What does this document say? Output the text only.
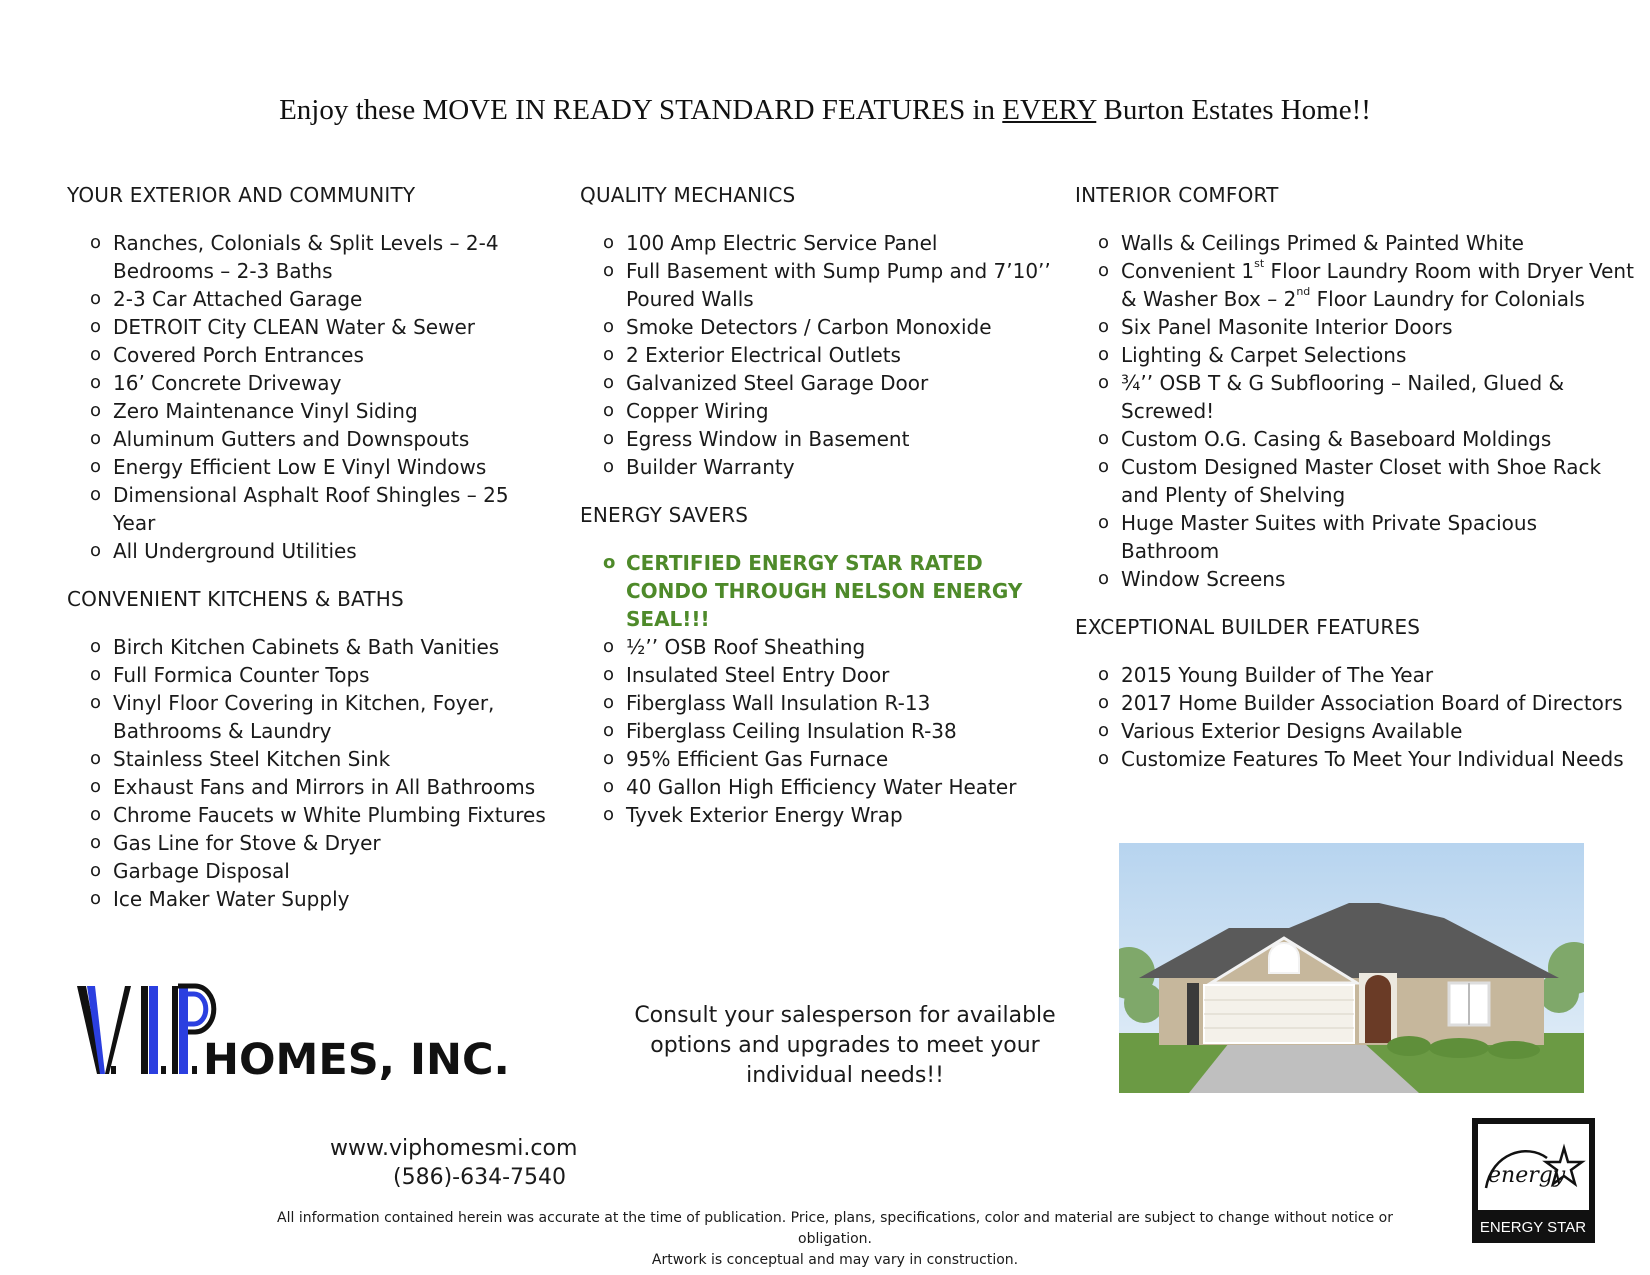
Enjoy these MOVE IN READY STANDARD FEATURES in EVERY Burton Estates Home!!
YOUR EXTERIOR AND COMMUNITY
o Ranches, Colonials & Split Levels – 2-4 Bedrooms – 2-3 Baths
o 2-3 Car Attached Garage
o DETROIT City CLEAN Water & Sewer
o Covered Porch Entrances
o 16’ Concrete Driveway
o Zero Maintenance Vinyl Siding
o Aluminum Gutters and Downspouts
o Energy Efficient Low E Vinyl Windows
o Dimensional Asphalt Roof Shingles – 25 Year
o All Underground Utilities
CONVENIENT KITCHENS & BATHS
o Birch Kitchen Cabinets & Bath Vanities
o Full Formica Counter Tops
o Vinyl Floor Covering in Kitchen, Foyer, Bathrooms & Laundry
o Stainless Steel Kitchen Sink
o Exhaust Fans and Mirrors in All Bathrooms
o Chrome Faucets w White Plumbing Fixtures
o Gas Line for Stove & Dryer
o Garbage Disposal
o Ice Maker Water Supply
QUALITY MECHANICS
o 100 Amp Electric Service Panel
o Full Basement with Sump Pump and 7’10’’ Poured Walls
o Smoke Detectors / Carbon Monoxide
o 2 Exterior Electrical Outlets
o Galvanized Steel Garage Door
o Copper Wiring
o Egress Window in Basement
o Builder Warranty
ENERGY SAVERS
o CERTIFIED ENERGY STAR RATED CONDO THROUGH NELSON ENERGY SEAL!!!
o ½’’ OSB Roof Sheathing
o Insulated Steel Entry Door
o Fiberglass Wall Insulation R-13
o Fiberglass Ceiling Insulation R-38
o 95% Efficient Gas Furnace
o 40 Gallon High Efficiency Water Heater
o Tyvek Exterior Energy Wrap
INTERIOR COMFORT
o Walls & Ceilings Primed & Painted White
o Convenient 1st Floor Laundry Room with Dryer Vent & Washer Box – 2nd Floor Laundry for Colonials
o Six Panel Masonite Interior Doors
o Lighting & Carpet Selections
o ¾’’ OSB T & G Subflooring – Nailed, Glued & Screwed!
o Custom O.G. Casing & Baseboard Moldings
o Custom Designed Master Closet with Shoe Rack and Plenty of Shelving
o Huge Master Suites with Private Spacious Bathroom
o Window Screens
EXCEPTIONAL BUILDER FEATURES
o 2015 Young Builder of The Year
o 2017 Home Builder Association Board of Directors
o Various Exterior Designs Available
o Customize Features To Meet Your Individual Needs
HOMES, INC.
www.viphomesmi.com
(586)-634-7540
Consult your salesperson for available options and upgrades to meet your individual needs!!
energy
ENERGY STAR
All information contained herein was accurate at the time of publication. Price, plans, specifications, color and material are subject to change without notice or obligation.
Artwork is conceptual and may vary in construction.
